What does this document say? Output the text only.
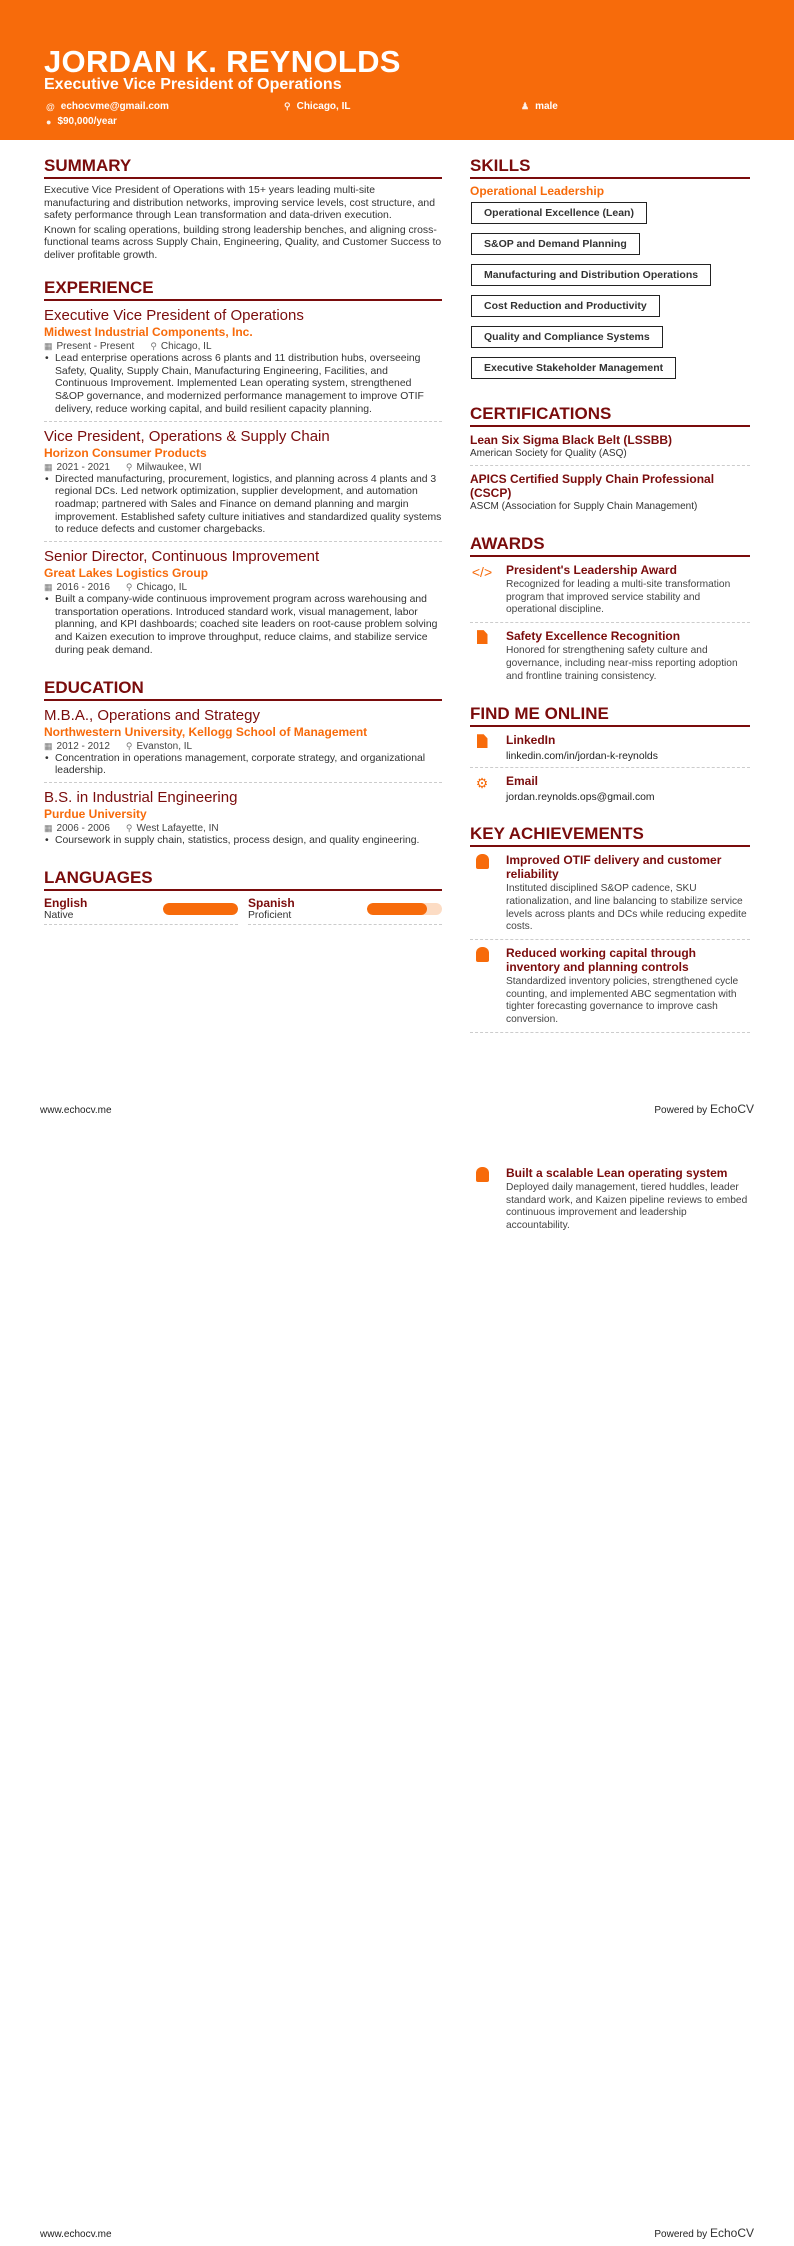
JORDAN K. REYNOLDS
Executive Vice President of Operations
@ echocvme@gmail.com	⚲ Chicago, IL	♟ male
● $90,000/year
SUMMARY

Executive Vice President of Operations with 15+ years leading multi-site manufacturing and distribution networks, improving service levels, cost structure, and safety performance through Lean transformation and data-driven execution.

Known for scaling operations, building strong leadership benches, and aligning cross-functional teams across Supply Chain, Engineering, Quality, and Customer Success to deliver profitable growth.

EXPERIENCE
Executive Vice President of Operations
Midwest Industrial Components, Inc.
▦ Present - Present ⚲ Chicago, IL
• Lead enterprise operations across 6 plants and 11 distribution hubs, overseeing Safety, Quality, Supply Chain, Manufacturing Engineering, Facilities, and Continuous Improvement. Implemented Lean operating system, strengthened S&OP governance, and modernized performance management to improve OTIF delivery, reduce working capital, and build resilient capacity planning.
Vice President, Operations & Supply Chain
Horizon Consumer Products
▦ 2021 - 2021 ⚲ Milwaukee, WI
• Directed manufacturing, procurement, logistics, and planning across 4 plants and 3 regional DCs. Led network optimization, supplier development, and automation roadmap; partnered with Sales and Finance on demand planning and margin improvement. Established safety culture initiatives and standardized quality systems to reduce defects and customer chargebacks.
Senior Director, Continuous Improvement
Great Lakes Logistics Group
▦ 2016 - 2016 ⚲ Chicago, IL
• Built a company-wide continuous improvement program across warehousing and transportation operations. Introduced standard work, visual management, labor planning, and KPI dashboards; coached site leaders on root-cause problem solving and Kaizen execution to improve throughput, reduce claims, and stabilize service during peak demand.
EDUCATION
M.B.A., Operations and Strategy
Northwestern University, Kellogg School of Management
▦ 2012 - 2012 ⚲ Evanston, IL
• Concentration in operations management, corporate strategy, and organizational leadership.
B.S. in Industrial Engineering
Purdue University
▦ 2006 - 2006 ⚲ West Lafayette, IN
• Coursework in supply chain, statistics, process design, and quality engineering.
LANGUAGES
English
Native
Spanish
Proficient
SKILLS
Operational Leadership
Operational Excellence (Lean)
S&OP and Demand Planning
Manufacturing and Distribution Operations
Cost Reduction and Productivity
Quality and Compliance Systems
Executive Stakeholder Management
CERTIFICATIONS
Lean Six Sigma Black Belt (LSSBB)
American Society for Quality (ASQ)
APICS Certified Supply Chain Professional (CSCP)
ASCM (Association for Supply Chain Management)
AWARDS
</> President's Leadership Award
Recognized for leading a multi-site transformation program that improved service stability and operational discipline.
Safety Excellence Recognition
Honored for strengthening safety culture and governance, including near-miss reporting adoption and frontline training consistency.
FIND ME ONLINE
LinkedIn
linkedin.com/in/jordan-k-reynolds
⚙	Email
jordan.reynolds.ops@gmail.com
KEY ACHIEVEMENTS
Improved OTIF delivery and customer reliability
Instituted disciplined S&OP cadence, SKU rationalization, and line balancing to stabilize service levels across plants and DCs while reducing expedite costs.
Reduced working capital through inventory and planning controls
Standardized inventory policies, strengthened cycle counting, and implemented ABC segmentation with tighter forecasting governance to improve cash conversion.
www.echocv.me	Powered by EchoCV
Built a scalable Lean operating system
Deployed daily management, tiered huddles, leader standard work, and Kaizen pipeline reviews to embed continuous improvement and leadership accountability.
www.echocv.me	Powered by EchoCV
